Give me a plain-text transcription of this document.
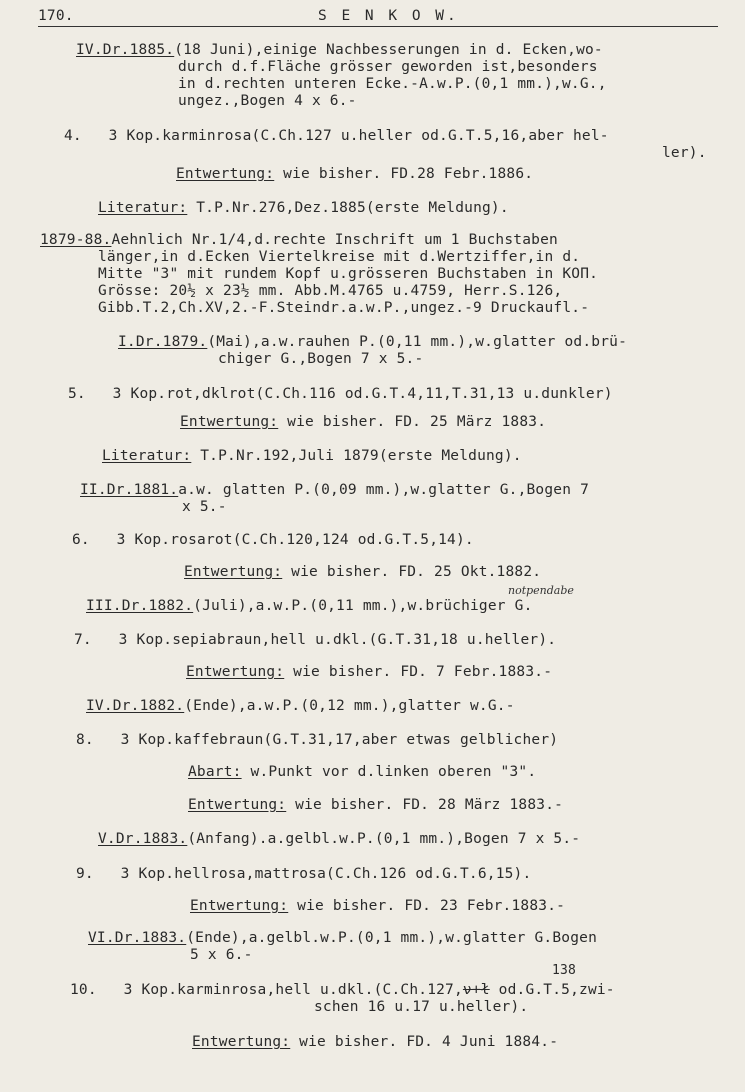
170.	S E N K O W.
IV.Dr.1885.(18 Juni),einige Nachbesserungen in d. Ecken,wo-
durch d.f.Fläche grösser geworden ist,besonders
in d.rechten unteren Ecke.-A.w.P.(0,1 mm.),w.G.,
ungez.,Bogen 4 x 6.-
4.   3 Kop.karminrosa(C.Ch.127 u.heller od.G.T.5,16,aber hel-
ler).
Entwertung: wie bisher. FD.28 Febr.1886.
Literatur: T.P.Nr.276,Dez.1885(erste Meldung).
1879-88.Aehnlich Nr.1/4,d.rechte Inschrift um 1 Buchstaben
länger,in d.Ecken Viertelkreise mit d.Wertziffer,in d.
Mitte "3" mit rundem Kopf u.grösseren Buchstaben in КОП.
Grösse: 20½ x 23½ mm. Abb.M.4765 u.4759, Herr.S.126,
Gibb.T.2,Ch.XV,2.-F.Steindr.a.w.P.,ungez.-9 Druckaufl.-
I.Dr.1879.(Mai),a.w.rauhen P.(0,11 mm.),w.glatter od.brü-
chiger G.,Bogen 7 x 5.-
5.   3 Kop.rot,dklrot(C.Ch.116 od.G.T.4,11,T.31,13 u.dunkler)
Entwertung: wie bisher. FD. 25 März 1883.
Literatur: T.P.Nr.192,Juli 1879(erste Meldung).
II.Dr.1881.a.w. glatten P.(0,09 mm.),w.glatter G.,Bogen 7
x 5.-
6.   3 Kop.rosarot(C.Ch.120,124 od.G.T.5,14).
Entwertung: wie bisher. FD. 25 Okt.1882.
notpendabe
III.Dr.1882.(Juli),a.w.P.(0,11 mm.),w.brüchiger G.
7.   3 Kop.sepiabraun,hell u.dkl.(G.T.31,18 u.heller).
Entwertung: wie bisher. FD. 7 Febr.1883.-
IV.Dr.1882.(Ende),a.w.P.(0,12 mm.),glatter w.G.-
8.   3 Kop.kaffebraun(G.T.31,17,aber etwas gelblicher)
Abart: w.Punkt vor d.linken oberen "3".
Entwertung: wie bisher. FD. 28 März 1883.-
V.Dr.1883.(Anfang).a.gelbl.w.P.(0,1 mm.),Bogen 7 x 5.-
9.   3 Kop.hellrosa,mattrosa(C.Ch.126 od.G.T.6,15).
Entwertung: wie bisher. FD. 23 Febr.1883.-
VI.Dr.1883.(Ende),a.gelbl.w.P.(0,1 mm.),w.glatter G.Bogen
5 x 6.-
138
10.   3 Kop.karminrosa,hell u.dkl.(C.Ch.127,ν+ł od.G.T.5,zwi-
schen 16 u.17 u.heller).
Entwertung: wie bisher. FD. 4 Juni 1884.-
